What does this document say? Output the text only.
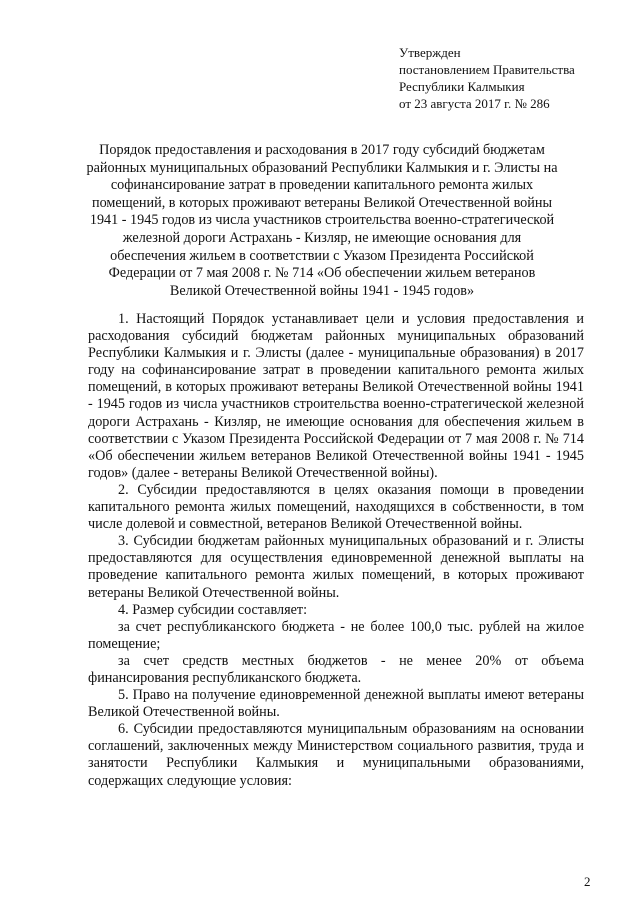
Утвержден
постановлением Правительства
Республики Калмыкия
от 23 августа 2017 г. № 286
Порядок предоставления и расходования в 2017 году субсидий бюджетам
районных муниципальных образований Республики Калмыкия и г. Элисты на
софинансирование затрат в проведении капитального ремонта жилых
помещений, в которых проживают ветераны Великой Отечественной войны
1941 - 1945 годов из числа участников строительства военно-стратегической
железной дороги Астрахань - Кизляр, не имеющие основания для
обеспечения жильем в соответствии с Указом Президента Российской
Федерации от 7 мая 2008 г. № 714 «Об обеспечении жильем ветеранов
Великой Отечественной войны 1941 - 1945 годов»

1. Настоящий Порядок устанавливает цели и условия предоставления и расходования субсидий бюджетам районных муниципальных образований Республики Калмыкия и г. Элисты (далее - муниципальные образования) в 2017 году на софинансирование затрат в проведении капитального ремонта жилых помещений, в которых проживают ветераны Великой Отечественной войны 1941 - 1945 годов из числа участников строительства военно-стратегической железной дороги Астрахань - Кизляр, не имеющие основания для обеспечения жильем в соответствии с Указом Президента Российской Федерации от 7 мая 2008 г. № 714 «Об обеспечении жильем ветеранов Великой Отечественной войны 1941 - 1945 годов» (далее - ветераны Великой Отечественной войны).

2. Субсидии предоставляются в целях оказания помощи в проведении капитального ремонта жилых помещений, находящихся в собственности, в том числе долевой и совместной, ветеранов Великой Отечественной войны.

3. Субсидии бюджетам районных муниципальных образований и г. Элисты предоставляются для осуществления единовременной денежной выплаты на проведение капитального ремонта жилых помещений, в которых проживают ветераны Великой Отечественной войны.

4. Размер субсидии составляет:

за счет республиканского бюджета - не более 100,0 тыс. рублей на жилое помещение;

за счет средств местных бюджетов - не менее 20% от объема финансирования республиканского бюджета.

5. Право на получение единовременной денежной выплаты имеют ветераны Великой Отечественной войны.

6. Субсидии предоставляются муниципальным образованиям на основании соглашений, заключенных между Министерством социального развития, труда и занятости Республики Калмыкия и муниципальными образованиями, содержащих следующие условия:

2
